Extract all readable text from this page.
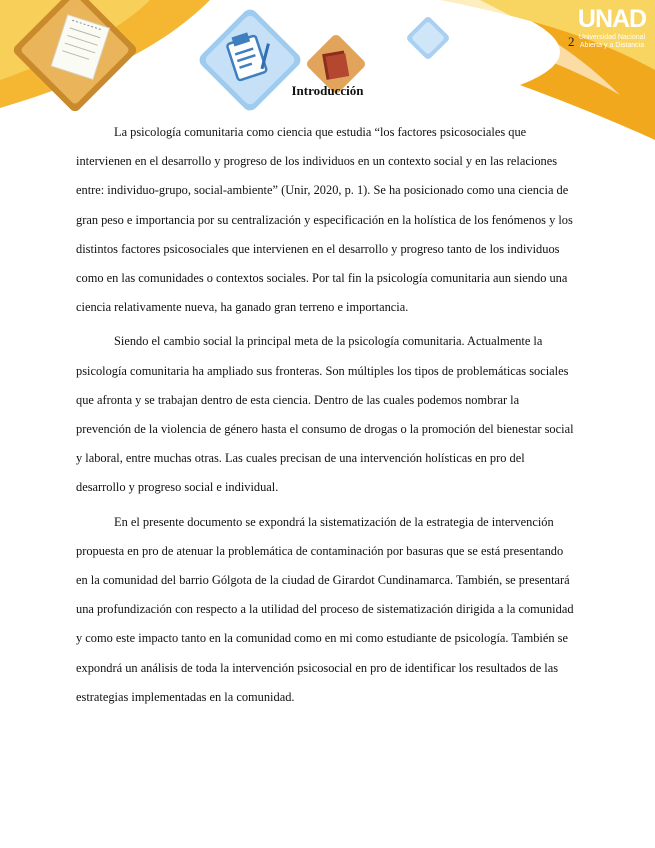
UNAD
Universidad Nacional
Abierta y a Distancia
2
Introducción

La psicología comunitaria como ciencia que estudia “los factores psicosociales que intervienen en el desarrollo y progreso de los individuos en un contexto social y en las relaciones entre: individuo-grupo, social-ambiente” (Unir, 2020, p. 1). Se ha posicionado como una ciencia de gran peso e importancia por su centralización y especificación en la holística de los fenómenos y los distintos factores psicosociales que intervienen en el desarrollo y progreso tanto de los individuos como en las comunidades o contextos sociales. Por tal fin la psicología comunitaria aun siendo una ciencia relativamente nueva, ha ganado gran terreno e importancia.

Siendo el cambio social la principal meta de la psicología comunitaria. Actualmente la psicología comunitaria ha ampliado sus fronteras. Son múltiples los tipos de problemáticas sociales que afronta y se trabajan dentro de esta ciencia. Dentro de las cuales podemos nombrar la prevención de la violencia de género hasta el consumo de drogas o la promoción del bienestar social y laboral, entre muchas otras. Las cuales precisan de una intervención holísticas en pro del desarrollo y progreso social e individual.

En el presente documento se expondrá la sistematización de la estrategia de intervención propuesta en pro de atenuar la problemática de contaminación por basuras que se está presentando en la comunidad del barrio Gólgota de la ciudad de Girardot Cundinamarca. También, se presentará una profundización con respecto a la utilidad del proceso de sistematización dirigida a la comunidad y como este impacto tanto en la comunidad como en mi como estudiante de psicología. También se expondrá un análisis de toda la intervención psicosocial en pro de identificar los resultados de las estrategias implementadas en la comunidad.
